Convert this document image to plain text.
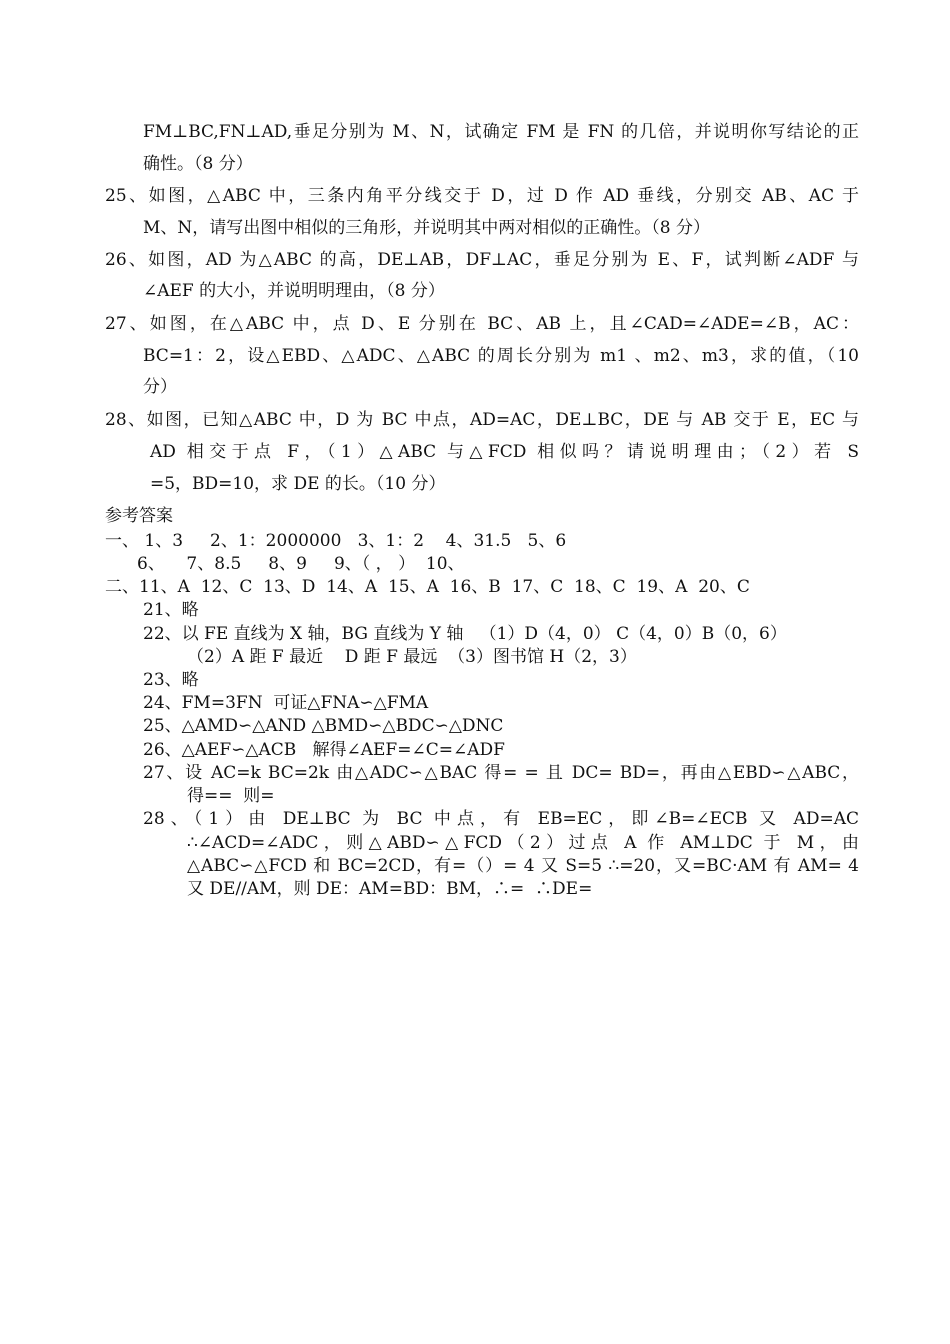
FM⊥BC,FN⊥AD,垂足分别为 M、N，试确定 FM 是 FN 的几倍，并说明你写结论的正
确性。（8 分）
25、如图，△ABC 中，三条内角平分线交于 D，过 D 作 AD 垂线，分别交 AB、AC 于
M、N，请写出图中相似的三角形，并说明其中两对相似的正确性。（8 分）
26、如图，AD 为△ABC 的高，DE⊥AB，DF⊥AC，垂足分别为 E、F，试判断∠ADF 与
∠AEF 的大小，并说明明理由，（8 分）
27、如图，在△ABC 中，点 D、E 分别在 BC、AB 上，且∠CAD=∠ADE=∠B，AC：
BC=1：2，设△EBD、△ADC、△ABC 的周长分别为 m1 、m2、m3，求的值，（10
分）
28、如图，已知△ABC 中，D 为 BC 中点，AD=AC，DE⊥BC，DE 与 AB 交于 E，EC 与
AD 相交于点 F，（1）△ABC 与△FCD 相似吗？请说明理由；（2）若 S
=5，BD=10，求 DE 的长。（10 分）
参考答案
一、 1、3     2、1：2000000   3、1：2    4、31.5   5、6
6、    7、8.5     8、9     9、（ ， ）  10、
二、11、A  12、C  13、D  14、A  15、A  16、B  17、C  18、C  19、A  20、C
21、略
22、以 FE 直线为 X 轴，BG 直线为 Y 轴   （1）D（4，0） C（4，0）B（0，6）
（2）A 距 F 最近    D 距 F 最远  （3）图书馆 H（2，3）
23、略
24、FM=3FN  可证△FNA∽△FMA
25、△AMD∽△AND △BMD∽△BDC∽△DNC
26、△AEF∽△ACB   解得∠AEF=∠C=∠ADF
27、设 AC=k BC=2k 由△ADC∽△BAC 得= = 且 DC= BD=，再由△EBD∽△ABC，
得==  则=
28、（1）由 DE⊥BC 为 BC 中点，有 EB=EC，即∠B=∠ECB 又 AD=AC
∴∠ACD=∠ADC，则△ABD∽△FCD（2）过点 A 作 AM⊥DC 于 M，由
△ABC∽△FCD 和 BC=2CD，有=（）= 4 又 S=5 ∴=20，又=BC·AM 有 AM= 4
又 DE//AM，则 DE：AM=BD：BM，∴=  ∴DE=
